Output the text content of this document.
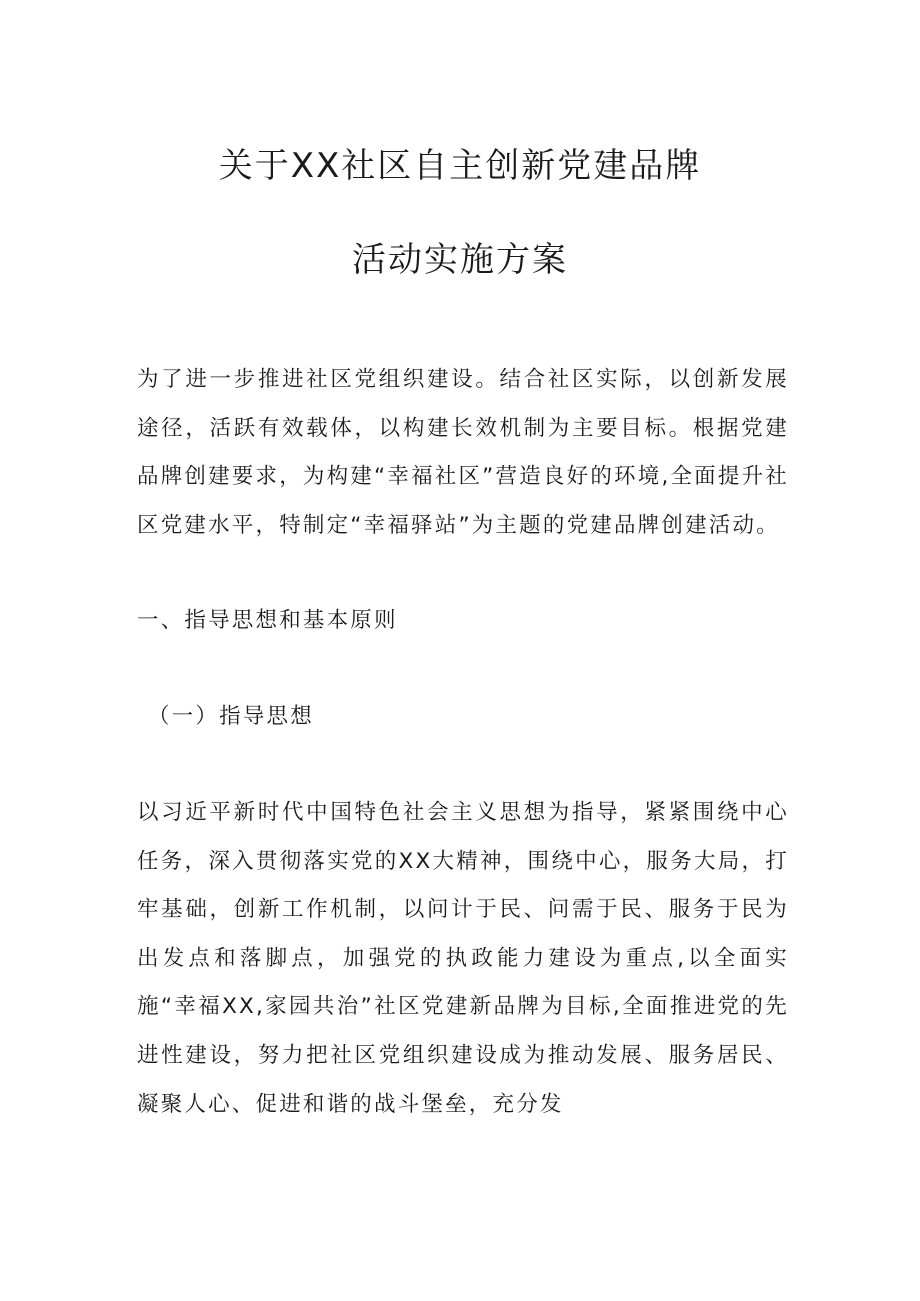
关于XX社区自主创新党建品牌
活动实施方案

为了进一步推进社区党组织建设。结合社区实际，以创新发展途径，活跃有效载体，以构建长效机制为主要目标。根据党建品牌创建要求，为构建“幸福社区”营造良好的环境,全面提升社区党建水平，特制定“幸福驿站”为主题的党建品牌创建活动。

一、指导思想和基本原则
（一）指导思想

以习近平新时代中国特色社会主义思想为指导，紧紧围绕中心任务，深入贯彻落实党的XX大精神，围绕中心，服务大局，打牢基础，创新工作机制，以问计于民、问需于民、服务于民为出发点和落脚点，加强党的执政能力建设为重点,以全面实施“幸福XX,家园共治”社区党建新品牌为目标,全面推进党的先进性建设，努力把社区党组织建设成为推动发展、服务居民、凝聚人心、促进和谐的战斗堡垒，充分发
